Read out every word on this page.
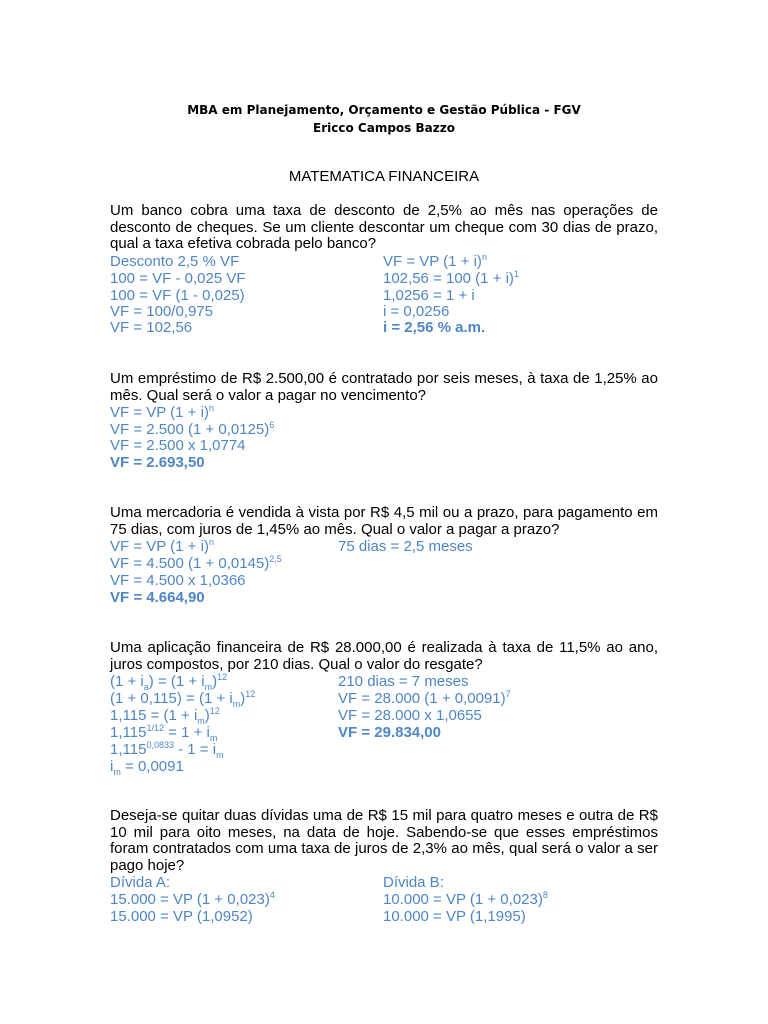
MBA em Planejamento, Orçamento e Gestão Pública - FGV
Ericco Campos Bazzo
MATEMATICA FINANCEIRA
Um banco cobra uma taxa de desconto de 2,5% ao mês nas operações de desconto de cheques. Se um cliente descontar um cheque com 30 dias de prazo, qual a taxa efetiva cobrada pelo banco?
Desconto 2,5 % VF
100 = VF - 0,025 VF
100 = VF (1 - 0,025)
VF = 100/0,975
VF = 102,56
VF = VP $(1 + i)^n$
102,56 = 100 $(1 + i)^1$
1,0256 = 1 + i
i = 0,0256
i = 2,56 % a.m.
Um empréstimo de R$ 2.500,00 é contratado por seis meses, à taxa de 1,25% ao mês. Qual será o valor a pagar no vencimento?
VF = VP $(1 + i)^n$
VF = 2.500 $(1 + 0,0125)^6$
VF = 2.500 x 1,0774
VF = 2.693,50
Uma mercadoria é vendida à vista por R$ 4,5 mil ou a prazo, para pagamento em 75 dias, com juros de 1,45% ao mês. Qual o valor a pagar a prazo?
VF = VP $(1 + i)^n$
VF = 4.500 $(1 + 0,0145)^{2,5}$
VF = 4.500 x 1,0366
VF = 4.664,90
75 dias = 2,5 meses
Uma aplicação financeira de R$ 28.000,00 é realizada à taxa de 11,5% ao ano, juros compostos, por 210 dias. Qual o valor do resgate?
$(1 + i_a) = (1 + i_m)^{12}$
$(1 + 0,115) = (1 + i_m)^{12}$
$1,115 = (1 + i_m)^{12}$
$1,115^{1/12} = 1 + i_m$
$1,115^{0,0833} - 1 = i_m$
$i_m = 0,0091$
210 dias = 7 meses
VF = 28.000 $(1 + 0,0091)^7$
VF = 28.000 x 1,0655
VF = 29.834,00
Deseja-se quitar duas dívidas uma de R$ 15 mil para quatro meses e outra de R$ 10 mil para oito meses, na data de hoje. Sabendo-se que esses empréstimos foram contratados com uma taxa de juros de 2,3% ao mês, qual será o valor a ser pago hoje?
Dívida A:
15.000 = VP $(1 + 0,023)^4$
15.000 = VP (1,0952)
Dívida B:
10.000 = VP $(1 + 0,023)^8$
10.000 = VP (1,1995)
